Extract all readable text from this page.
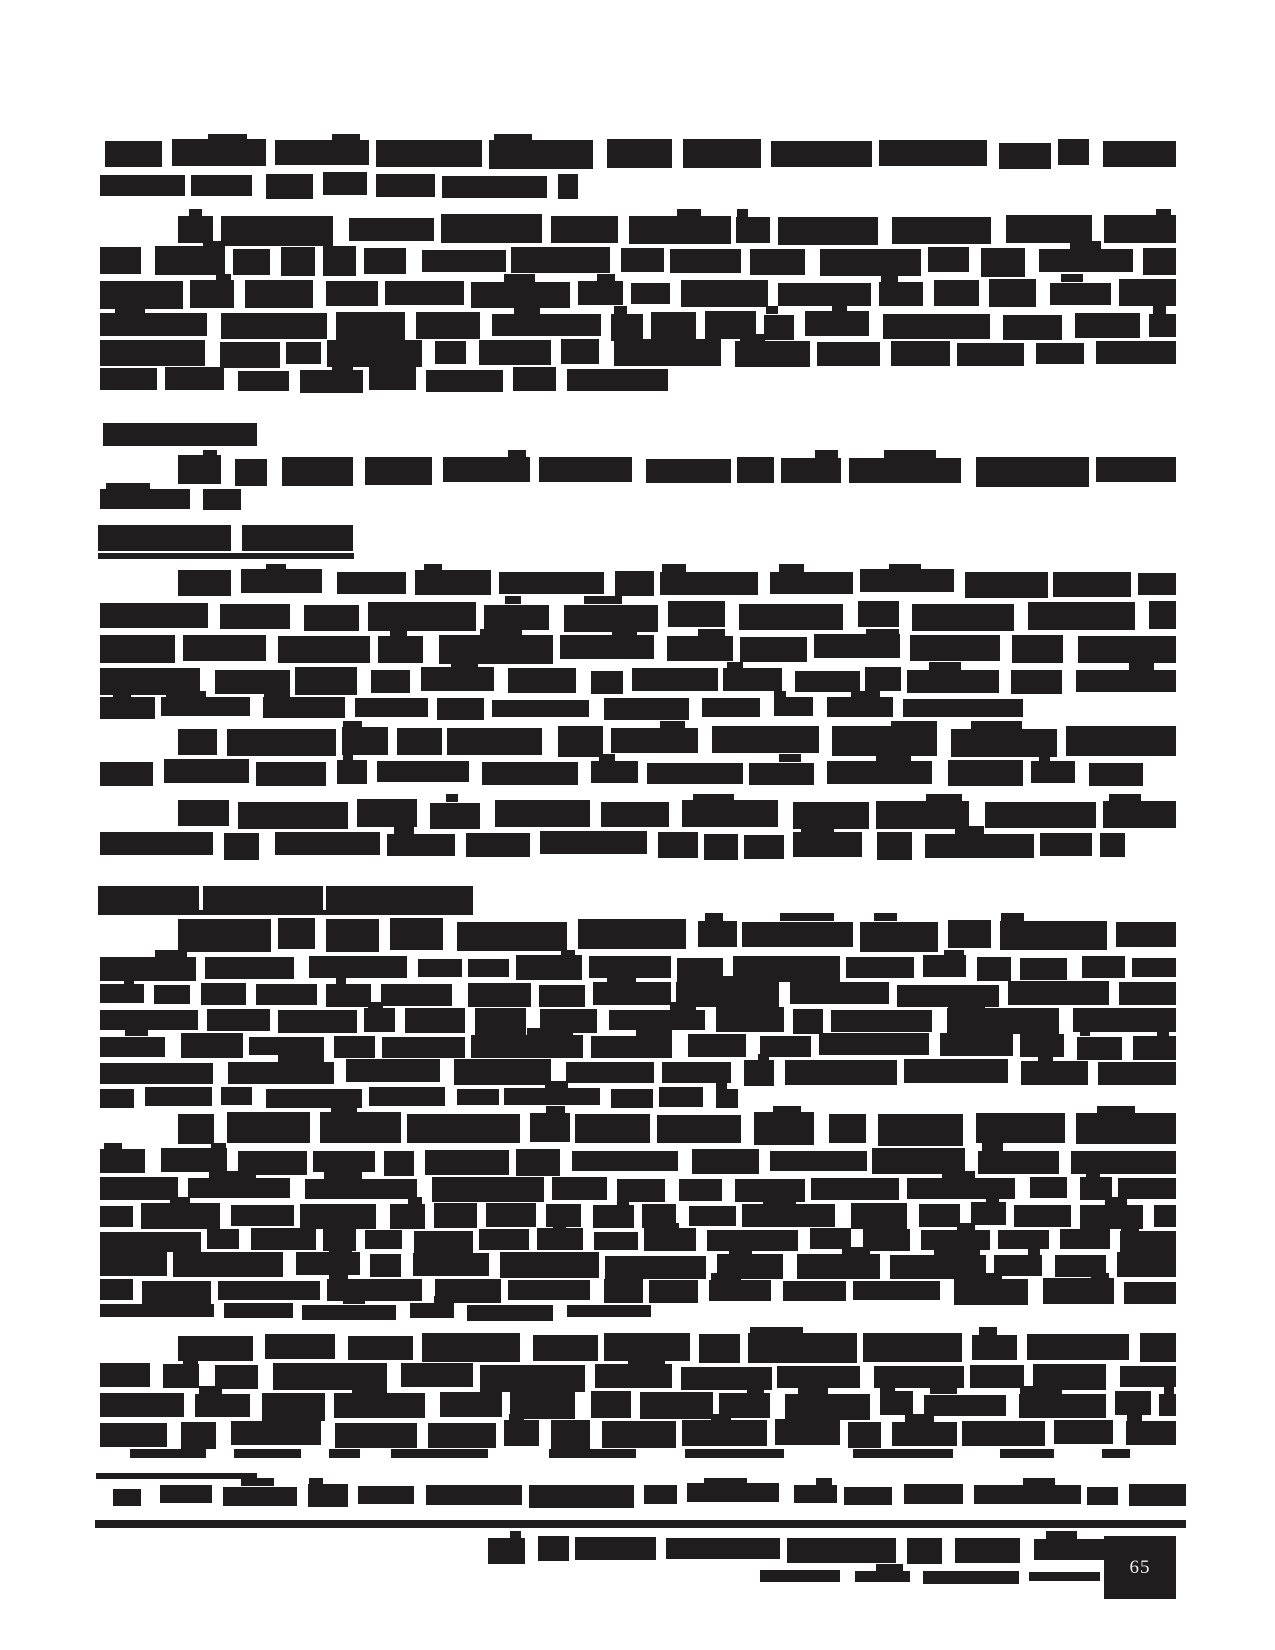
65
